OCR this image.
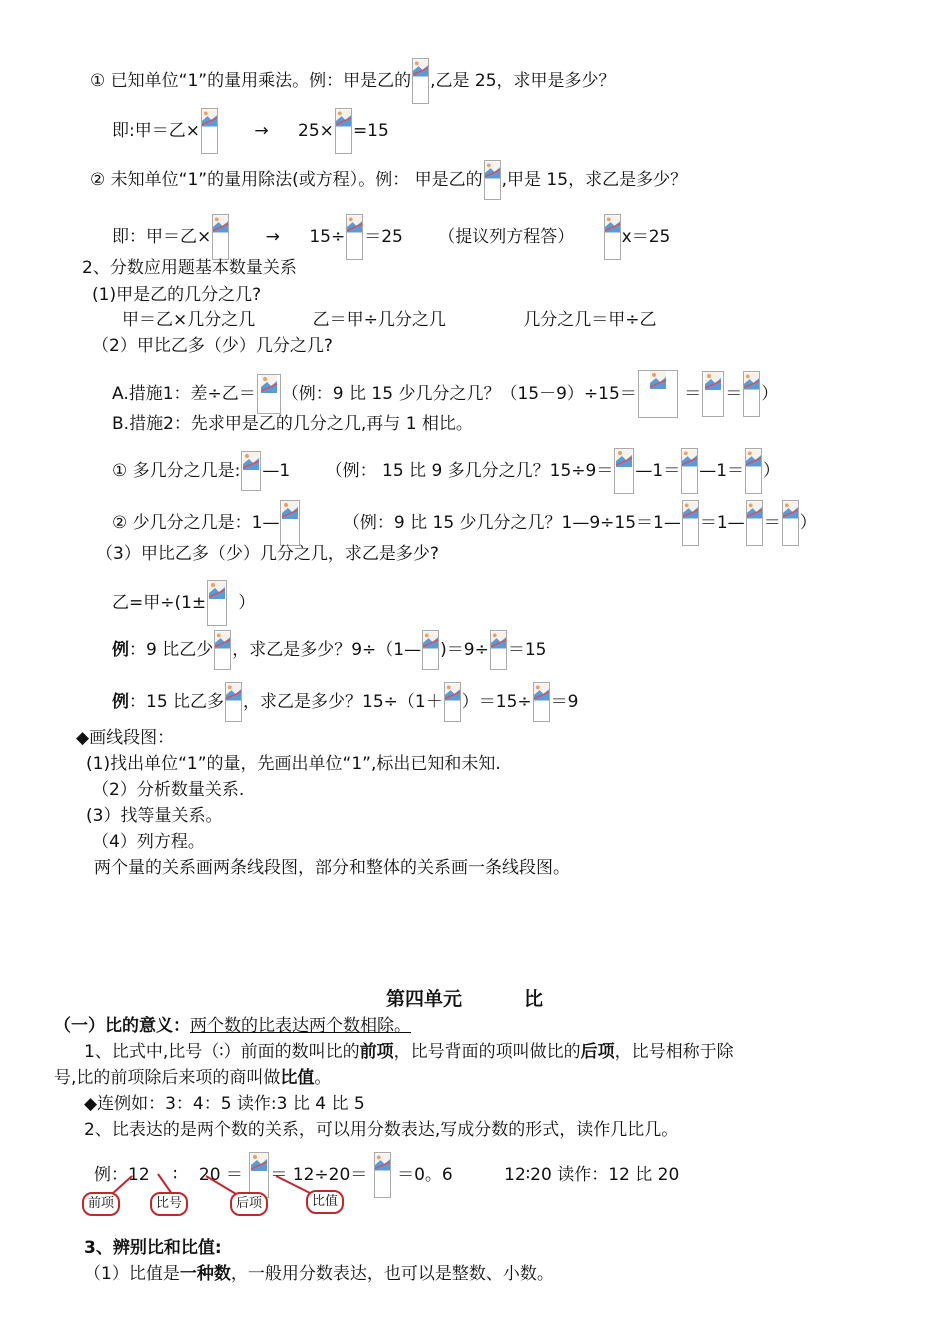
① 已知单位“1”的量用乘法。例：甲是乙的 ,乙是 25，求甲是多少？
即:甲＝乙×	→ 25× =15
② 未知单位“1”的量用除法(或方程）。例： 甲是乙的 ,甲是 15，求乙是多少？
即：甲＝乙×	→ 15÷ ＝25 （提议列方程答）	x＝25
2、分数应用题基本数量关系
(1)甲是乙的几分之几?
甲＝乙×几分之几	乙＝甲÷几分之几	几分之几＝甲÷乙
（2）甲比乙多（少）几分之几?
A.措施1：差÷乙＝ （例：9 比 15 少几分之几？（15－9）÷15＝	＝ ＝ ）
B.措施2：先求甲是乙的几分之几,再与 1 相比。
① 多几分之几是: —1 （例： 15 比 9 多几分之几？15÷9＝ —1＝ —1＝ ）
② 少几分之几是：1—	（例：9 比 15 少几分之几？1—9÷15＝1— ＝1— ＝ ）
（3）甲比乙多（少）几分之几，求乙是多少?
乙=甲÷(1± ）
例：9 比乙少 ，求乙是多少？9÷（1— )＝9÷ ＝15
例：15 比乙多 ，求乙是多少？15÷（1＋ ）＝15÷ ＝9
◆画线段图：
(1)找出单位“1”的量，先画出单位“1”,标出已知和未知.
（2）分析数量关系.
(3）找等量关系。
（4）列方程。
两个量的关系画两条线段图，部分和整体的关系画一条线段图。
第四单元	比
（一）比的意义：两个数的比表达两个数相除。
1、比式中,比号（∶）前面的数叫比的前项，比号背面的项叫做比的后项，比号相称于除
号,比的前项除后来项的商叫做比值。
◆连例如：3：4：5 读作:3 比 4 比 5
2、比表达的是两个数的关系，可以用分数表达,写成分数的形式，读作几比几。
例：12 ∶ 20 ＝ ＝ 12÷20＝ ＝0。6	12∶20 读作：12 比 20
前项	比号	后项	比值
3、辨别比和比值:
（1）比值是一种数，一般用分数表达，也可以是整数、小数。
